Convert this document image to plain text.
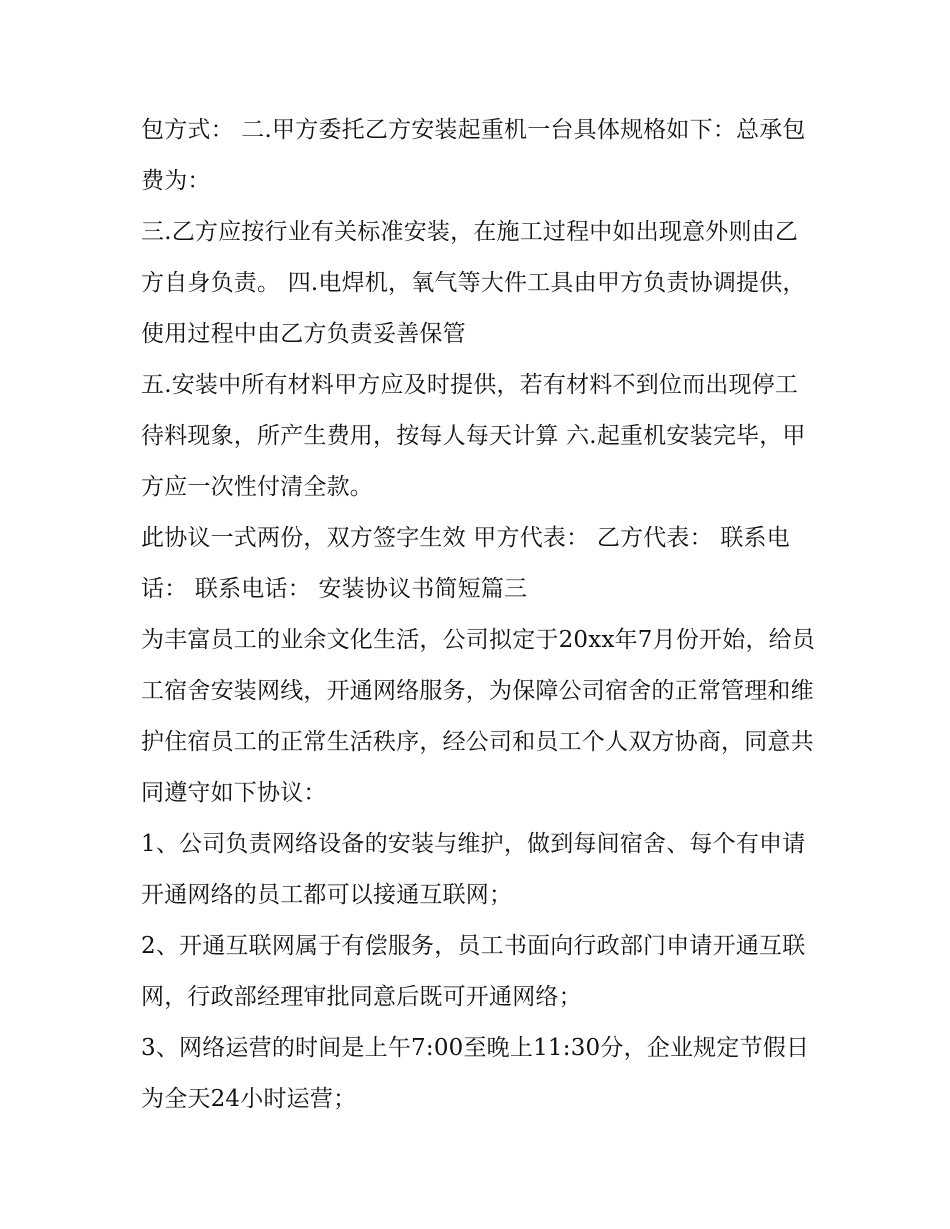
包方式： 二.甲方委托乙方安装起重机一台具体规格如下：总承包费为：

三.乙方应按行业有关标准安装，在施工过程中如出现意外则由乙方自身负责。 四.电焊机，氧气等大件工具由甲方负责协调提供，使用过程中由乙方负责妥善保管

五.安装中所有材料甲方应及时提供，若有材料不到位而出现停工待料现象，所产生费用，按每人每天计算 六.起重机安装完毕，甲方应一次性付清全款。

此协议一式两份，双方签字生效 甲方代表： 乙方代表： 联系电话： 联系电话： 安装协议书简短篇三

为丰富员工的业余文化生活，公司拟定于20xx年7月份开始，给员工宿舍安装网线，开通网络服务，为保障公司宿舍的正常管理和维护住宿员工的正常生活秩序，经公司和员工个人双方协商，同意共同遵守如下协议：

1、公司负责网络设备的安装与维护，做到每间宿舍、每个有申请开通网络的员工都可以接通互联网；

2、开通互联网属于有偿服务，员工书面向行政部门申请开通互联网，行政部经理审批同意后既可开通网络；

3、网络运营的时间是上午7:00至晚上11:30分，企业规定节假日为全天24小时运营；
